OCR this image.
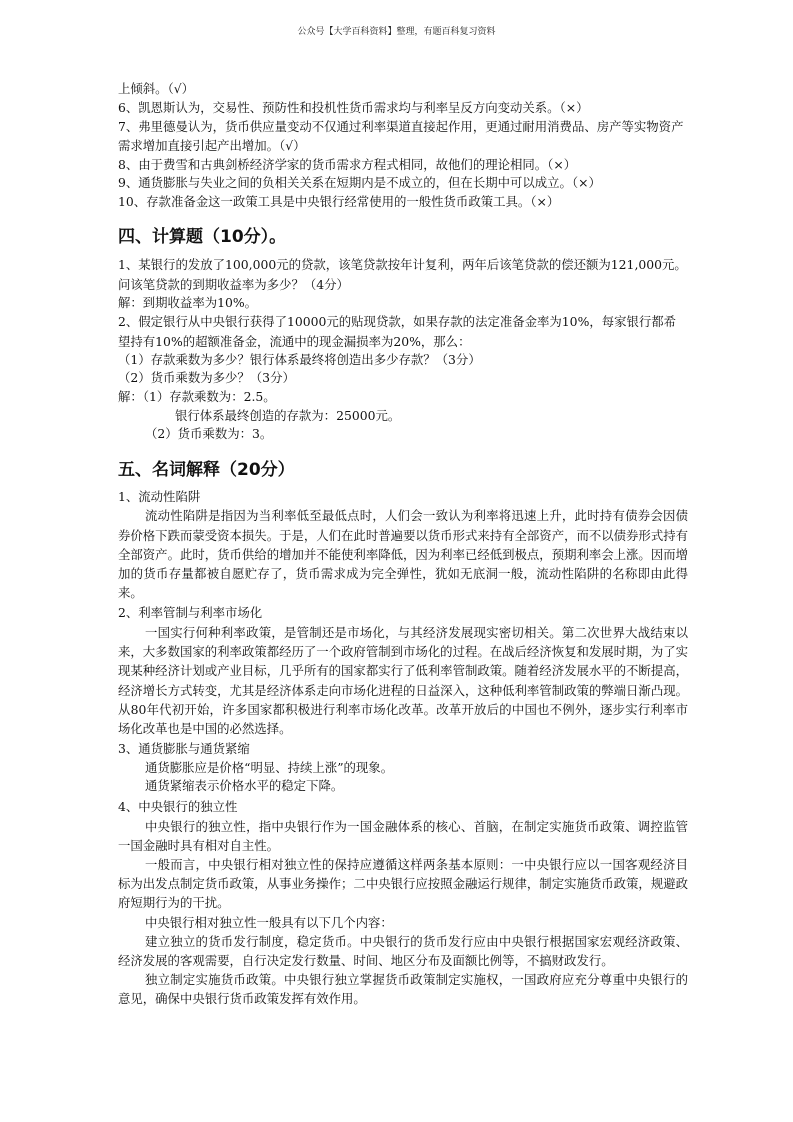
公众号【大学百科资料】整理，有题百科复习资料
上倾斜。（√）
6、凯恩斯认为，交易性、预防性和投机性货币需求均与利率呈反方向变动关系。（×）
7、弗里德曼认为，货币供应量变动不仅通过利率渠道直接起作用，更通过耐用消费品、房产等实物资产需求增加直接引起产出增加。（√）
8、由于费雪和古典剑桥经济学家的货币需求方程式相同，故他们的理论相同。（×）
9、通货膨胀与失业之间的负相关关系在短期内是不成立的，但在长期中可以成立。（×）
10、存款准备金这一政策工具是中央银行经常使用的一般性货币政策工具。（×）
四、计算题（10分）。
1、某银行的发放了100,000元的贷款，该笔贷款按年计复利，两年后该笔贷款的偿还额为121,000元。问该笔贷款的到期收益率为多少？（4分）
解：到期收益率为10%。
2、假定银行从中央银行获得了10000元的贴现贷款，如果存款的法定准备金率为10%，每家银行都希望持有10%的超额准备金，流通中的现金漏损率为20%，那么：
（1）存款乘数为多少？银行体系最终将创造出多少存款？（3分）
（2）货币乘数为多少？（3分）
解：（1）存款乘数为：2.5。
银行体系最终创造的存款为：25000元。
（2）货币乘数为：3。
五、名词解释（20分）
1、流动性陷阱
流动性陷阱是指因为当利率低至最低点时，人们会一致认为利率将迅速上升，此时持有债券会因债券价格下跌而蒙受资本损失。于是，人们在此时普遍要以货币形式来持有全部资产，而不以债券形式持有全部资产。此时，货币供给的增加并不能使利率降低，因为利率已经低到极点，预期利率会上涨。因而增加的货币存量都被自愿贮存了，货币需求成为完全弹性，犹如无底洞一般，流动性陷阱的名称即由此得来。
2、利率管制与利率市场化
一国实行何种利率政策，是管制还是市场化，与其经济发展现实密切相关。第二次世界大战结束以来，大多数国家的利率政策都经历了一个政府管制到市场化的过程。在战后经济恢复和发展时期，为了实现某种经济计划或产业目标，几乎所有的国家都实行了低利率管制政策。随着经济发展水平的不断提高，经济增长方式转变，尤其是经济体系走向市场化进程的日益深入，这种低利率管制政策的弊端日渐凸现。从80年代初开始，许多国家都积极进行利率市场化改革。改革开放后的中国也不例外，逐步实行利率市场化改革也是中国的必然选择。
3、通货膨胀与通货紧缩
通货膨胀应是价格“明显、持续上涨”的现象。
通货紧缩表示价格水平的稳定下降。
4、中央银行的独立性
中央银行的独立性，指中央银行作为一国金融体系的核心、首脑，在制定实施货币政策、调控监管一国金融时具有相对自主性。
一般而言，中央银行相对独立性的保持应遵循这样两条基本原则：一中央银行应以一国客观经济目标为出发点制定货币政策，从事业务操作；二中央银行应按照金融运行规律，制定实施货币政策，规避政府短期行为的干扰。
中央银行相对独立性一般具有以下几个内容：
建立独立的货币发行制度，稳定货币。中央银行的货币发行应由中央银行根据国家宏观经济政策、经济发展的客观需要，自行决定发行数量、时间、地区分布及面额比例等，不搞财政发行。
独立制定实施货币政策。中央银行独立掌握货币政策制定实施权，一国政府应充分尊重中央银行的意见，确保中央银行货币政策发挥有效作用。
